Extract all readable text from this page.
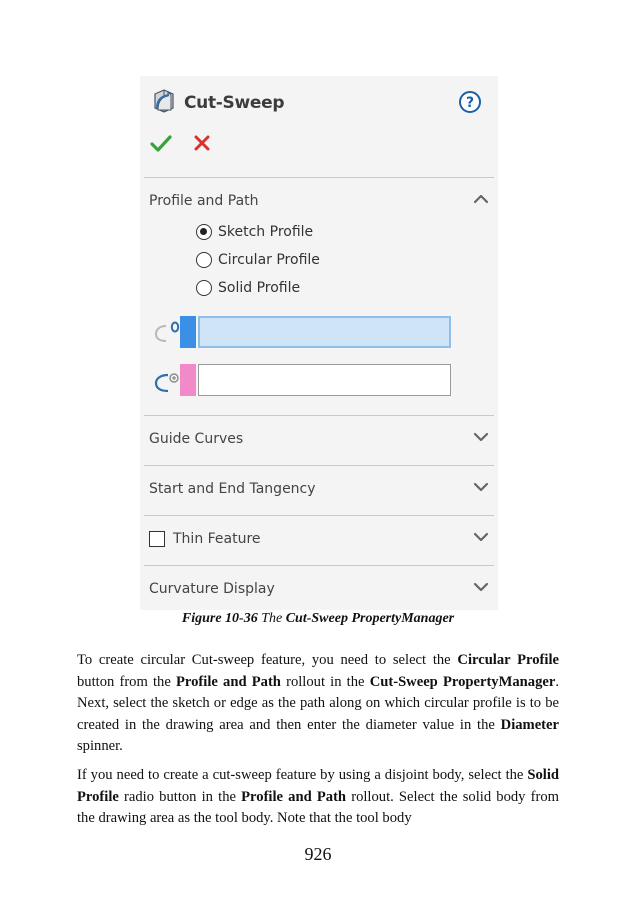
Cut-Sweep	?
Profile and Path
Sketch Profile
Circular Profile
Solid Profile
Guide Curves
Start and End Tangency
Thin Feature
Curvature Display
Figure 10-36 The Cut-Sweep PropertyManager
To create circular Cut-sweep feature, you need to select the Circular Profile button from the Profile and Path rollout in the Cut-Sweep PropertyManager. Next, select the sketch or edge as the path along on which circular profile is to be created in the drawing area and then enter the diameter value in the Diameter spinner.
If you need to create a cut-sweep feature by using a disjoint body, select the Solid Profile radio button in the Profile and Path rollout. Select the solid body from the drawing area as the tool body. Note that the tool body
926
